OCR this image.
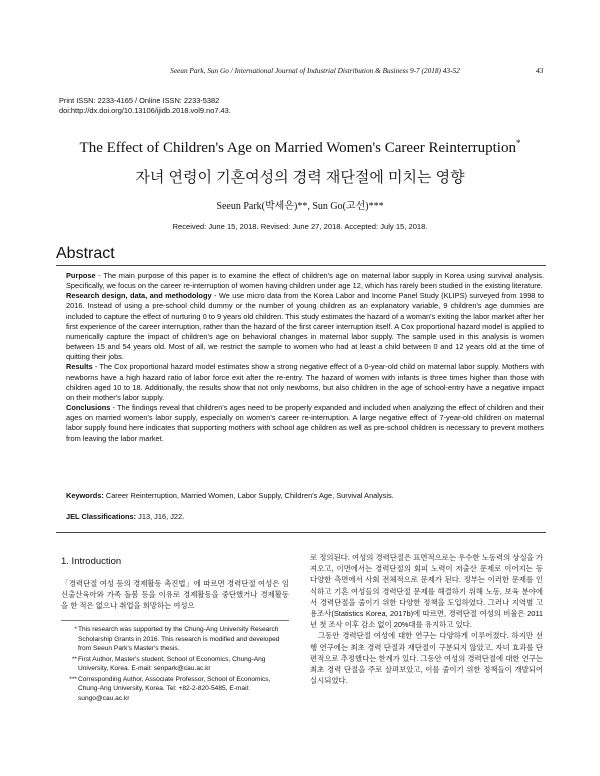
Seeun Park, Sun Go / International Journal of Industrial Distribution & Business 9-7 (2018) 43-52	43
Print ISSN: 2233-4165 / Online ISSN: 2233-5382
doi:http://dx.doi.org/10.13106/ijidb.2018.vol9.no7.43.
The Effect of Children's Age on Married Women's Career Reinterruption*
자녀 연령이 기혼여성의 경력 재단절에 미치는 영향
Seeun Park(박세은)**, Sun Go(고선)***
Received: June 15, 2018. Revised: June 27, 2018. Accepted: July 15, 2018.
Abstract

Purpose - The main purpose of this paper is to examine the effect of children's age on maternal labor supply in Korea using survival analysis. Specifically, we focus on the career re-interruption of women having children under age 12, which has rarely been studied in the existing literature.

Research design, data, and methodology - We use micro data from the Korea Labor and Income Panel Study (KLIPS) surveyed from 1998 to 2016. Instead of using a pre-school child dummy or the number of young children as an explanatory variable, 9 children's age dummies are included to capture the effect of nurturing 0 to 9 years old children. This study estimates the hazard of a woman's exiting the labor market after her first experience of the career interruption, rather than the hazard of the first career interruption itself. A Cox proportional hazard model is applied to numerically capture the impact of children's age on behavioral changes in maternal labor supply. The sample used in this analysis is women between 15 and 54 years old. Most of all, we restrict the sample to women who had at least a child between 0 and 12 years old at the time of quitting their jobs.

Results - The Cox proportional hazard model estimates show a strong negative effect of a 0-year-old child on maternal labor supply. Mothers with newborns have a high hazard ratio of labor force exit after the re-entry. The hazard of women with infants is three times higher than those with children aged 10 to 18. Additionally, the results show that not only newborns, but also children in the age of school-entry have a negative impact on their mother's labor supply.

Conclusions - The findings reveal that children's ages need to be properly expanded and included when analyzing the effect of children and their ages on married women's labor supply, especially on women's career re-interruption. A large negative effect of 7-year-old children on maternal labor supply found here indicates that supporting mothers with school age children as well as pre-school children is necessary to prevent mothers from leaving the labor market.

Keywords: Career Reinterruption, Married Women, Labor Supply, Children's Age, Survival Analysis.
JEL Classifications: J13, J16, J22.
1. Introduction

「경력단절 여성 등의 경제활동 촉진법」에 따르면 경력단절 여성은 임신출산육아와 가족 돌봄 등을 이유로 경제활동을 중단했거나 경제활동을 한 적은 없으나 취업을 희망하는 여성으

* This research was supported by the Chung-Ang University Research Scholarship Grants in 2016. This research is modified and developed from Seeun Park's Master's thesis.
** First Author, Master's student, School of Economics, Chung-Ang University, Korea. E-mail: senpark@cau.ac.kr
*** Corresponding Author, Associate Professor, School of Economics, Chung-Ang University, Korea. Tel: +82-2-820-5485, E-mail: sungo@cau.ac.kr

로 정의된다. 여성의 경력단절은 표면적으로는 우수한 노동력의 상실을 가져오고, 이면에서는 경력단절의 회피 노력이 저출산 문제로 이어지는 등 다양한 측면에서 사회 전체적으로 문제가 된다. 정부는 이러한 문제를 인식하고 기혼 여성들의 경력단절 문제를 해결하기 위해 노동, 보육 분야에서 경력단절을 줄이기 위한 다양한 정책을 도입하였다. 그러나 지역별 고용조사(Statistics Korea, 2017b)에 따르면, 경력단절 여성의 비율은 2011년 첫 조사 이후 감소 없이 20%대를 유지하고 있다.

그동안 경력단절 여성에 대한 연구는 다양하게 이루어졌다. 하지만 선행 연구에는 최초 경력 단절과 재단절이 구분되지 않았고, 자녀 효과를 단편적으로 추정했다는 한계가 있다. 그동안 여성의 경력단절에 대한 연구는 최초 경력 단절을 주로 살펴보았고, 이를 줄이기 위한 정책들이 개발되어 실시되었다.
